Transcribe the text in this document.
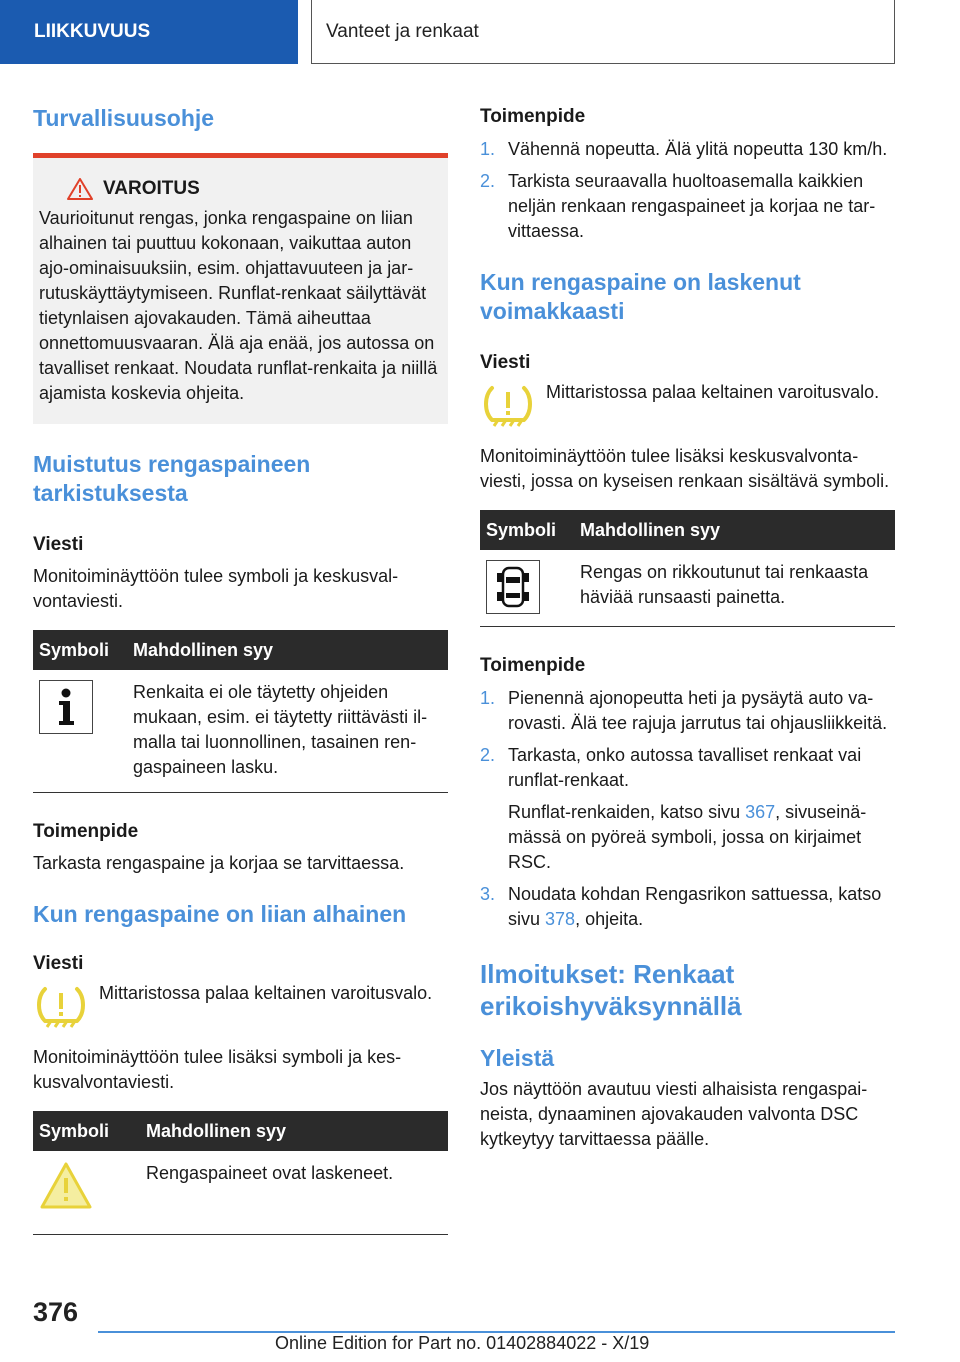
LIIKKUVUUS	Vanteet ja renkaat
Turvallisuusohje
VAROITUS

Vaurioitunut rengas, jonka rengaspaine on liian alhainen tai puuttuu kokonaan, vaikuttaa auton ajo-ominaisuuksiin, esim. ohjattavuuteen ja jarrutuskäyttäytymiseen. Runflat-renkaat säilyttävät tietynlaisen ajovakauden. Tämä aiheuttaa onnettomuusvaaran. Älä aja enää, jos autossa on tavalliset renkaat. Noudata runflat-renkaita ja niillä ajamista koskevia ohjeita.

Muistutus rengaspaineen tarkistuksesta
Viesti

Monitoiminäyttöön tulee symboli ja keskusvalvontaviesti.

Symboli	Mahdollinen syy

	Renkaita ei ole täytetty ohjeiden mukaan, esim. ei täytetty riittävästi ilmalla tai luonnollinen, tasainen rengaspaineen lasku.
Toimenpide

Tarkasta rengaspaine ja korjaa se tarvittaessa.

Kun rengaspaine on liian alhainen
Viesti

Mittaristossa palaa keltainen varoitusvalo.

Monitoiminäyttöön tulee lisäksi symboli ja keskusvalvontaviesti.

Symboli	Mahdollinen syy
	Rengaspaineet ovat laskeneet.
Toimenpide
1. Vähennä nopeutta. Älä ylitä nopeutta 130 km/h.
2. Tarkista seuraavalla huoltoasemalla kaikkien neljän renkaan rengaspaineet ja korjaa ne tarvittaessa.
Kun rengaspaine on laskenut voimakkaasti
Viesti

Mittaristossa palaa keltainen varoitusvalo.

Monitoiminäyttöön tulee lisäksi keskusvalvontaviesti, jossa on kyseisen renkaan sisältävä symboli.

Symboli	Mahdollinen syy

	Rengas on rikkoutunut tai renkaasta häviää runsaasti painetta.
Toimenpide
1. Pienennä ajonopeutta heti ja pysäytä auto varovasti. Älä tee rajuja jarrutus tai ohjausliikkeitä.
2. Tarkasta, onko autossa tavalliset renkaat vai runflat-renkaat.
Runflat-renkaiden, katso sivu 367, sivuseinämässä on pyöreä symboli, jossa on kirjaimet RSC.
3. Noudata kohdan Rengasrikon sattuessa, katso sivu 378, ohjeita.
Ilmoitukset: Renkaat erikoishyväksynnällä
Yleistä

Jos näyttöön avautuu viesti alhaisista rengaspaineista, dynaaminen ajovakauden valvonta DSC kytkeytyy tarvittaessa päälle.

376
Online Edition for Part no. 01402884022 - X/19
